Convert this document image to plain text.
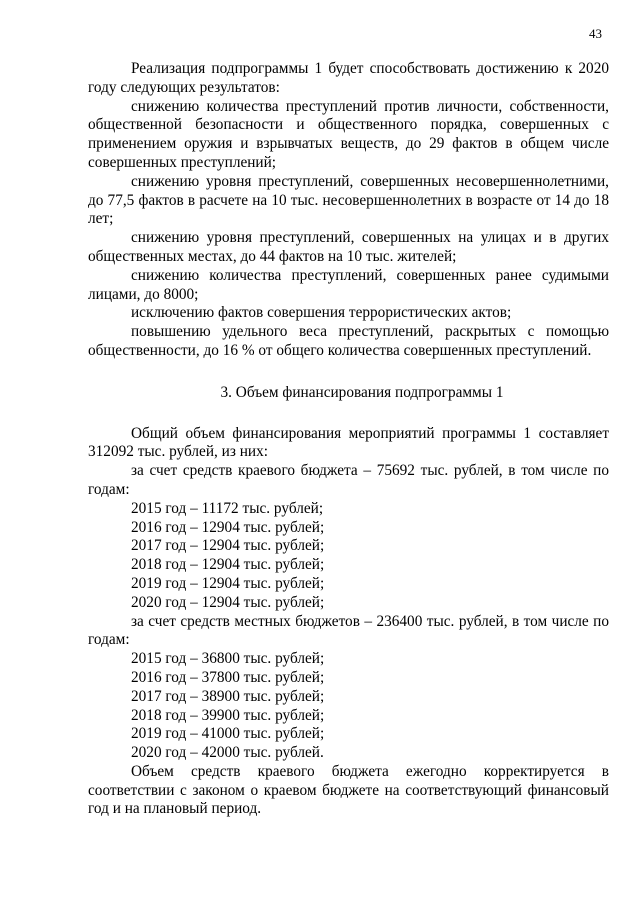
43

Реализация подпрограммы 1 будет способствовать достижению к 2020 году следующих результатов:

снижению количества преступлений против личности, собственности, общественной безопасности и общественного порядка, совершенных с применением оружия и взрывчатых веществ, до 29 фактов в общем числе совершенных преступлений;

снижению уровня преступлений, совершенных несовершеннолетними, до 77,5 фактов в расчете на 10 тыс. несовершеннолетних в возрасте от 14 до 18 лет;

снижению уровня преступлений, совершенных на улицах и в других общественных местах, до 44 фактов на 10 тыс. жителей;

снижению количества преступлений, совершенных ранее судимыми лицами, до 8000;

исключению фактов совершения террористических актов;

повышению удельного веса преступлений, раскрытых с помощью общественности, до 16 % от общего количества совершенных преступлений.

3. Объем финансирования подпрограммы 1

Общий объем финансирования мероприятий программы 1 составляет 312092 тыс. рублей, из них:

за счет средств краевого бюджета – 75692 тыс. рублей, в том числе по годам:

2015 год – 11172 тыс. рублей;

2016 год – 12904 тыс. рублей;

2017 год – 12904 тыс. рублей;

2018 год – 12904 тыс. рублей;

2019 год – 12904 тыс. рублей;

2020 год – 12904 тыс. рублей;

за счет средств местных бюджетов – 236400 тыс. рублей, в том числе по годам:

2015 год – 36800 тыс. рублей;

2016 год – 37800 тыс. рублей;

2017 год – 38900 тыс. рублей;

2018 год – 39900 тыс. рублей;

2019 год – 41000 тыс. рублей;

2020 год – 42000 тыс. рублей.

Объем средств краевого бюджета ежегодно корректируется в соответствии с законом о краевом бюджете на соответствующий финансовый год и на плановый период.
